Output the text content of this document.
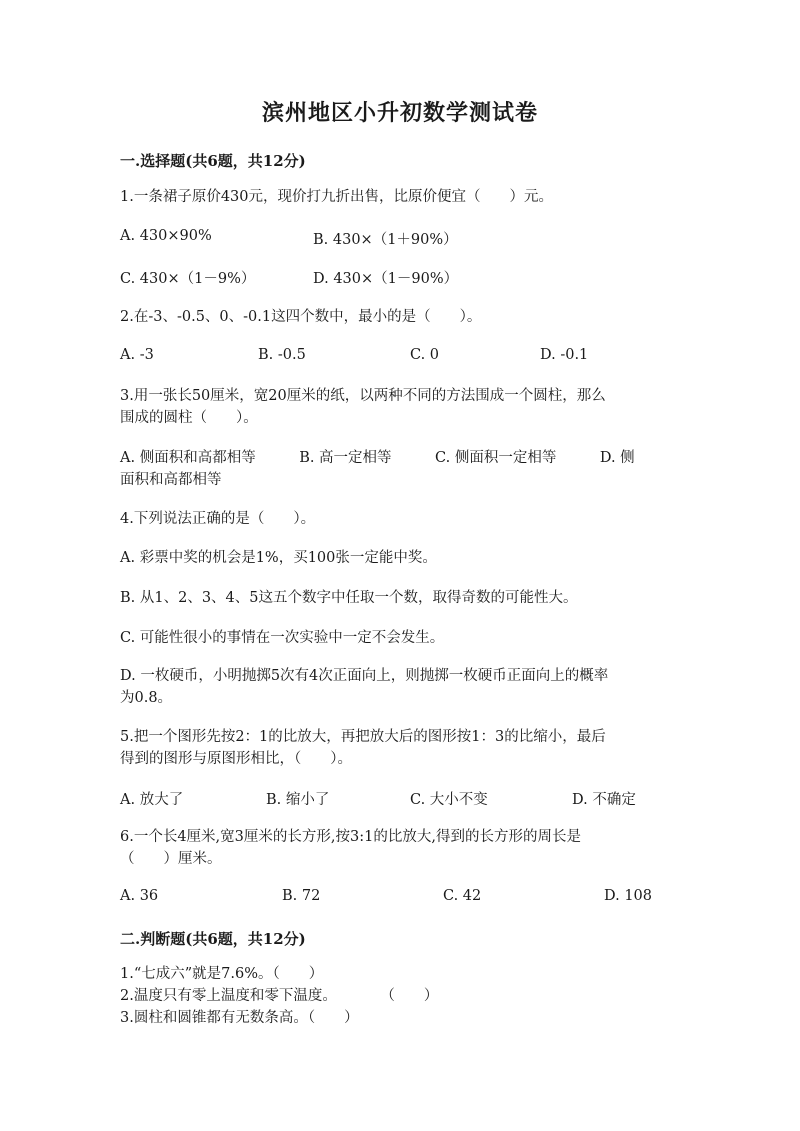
滨州地区小升初数学测试卷
一.选择题(共6题，共12分)
1.一条裙子原价430元，现价打九折出售，比原价便宜（　　）元。
A. 430×90%	B. 430×（1＋90%）
C. 430×（1－9%）	D. 430×（1－90%）
2.在-3、-0.5、0、-0.1这四个数中，最小的是（　　）。
A. -3	B. -0.5	C. 0	D. -0.1
3.用一张长50厘米，宽20厘米的纸，以两种不同的方法围成一个圆柱，那么
围成的圆柱（　　）。
A. 侧面积和高都相等　　　B. 高一定相等　　　C. 侧面积一定相等　　　D. 侧
面积和高都相等
4.下列说法正确的是（　　）。
A. 彩票中奖的机会是1%，买100张一定能中奖。
B. 从1、2、3、4、5这五个数字中任取一个数，取得奇数的可能性大。
C. 可能性很小的事情在一次实验中一定不会发生。
D. 一枚硬币，小明抛掷5次有4次正面向上，则抛掷一枚硬币正面向上的概率
为0.8。
5.把一个图形先按2：1的比放大，再把放大后的图形按1：3的比缩小，最后
得到的图形与原图形相比，（　　）。
A. 放大了	B. 缩小了	C. 大小不变	D. 不确定
6.一个长4厘米,宽3厘米的长方形,按3:1的比放大,得到的长方形的周长是
（　　）厘米。
A. 36	B. 72	C. 42	D. 108
二.判断题(共6题，共12分)
1.“七成六”就是7.6%。（　　）
2.温度只有零上温度和零下温度。　　　　（　　）
3.圆柱和圆锥都有无数条高。（　　）
